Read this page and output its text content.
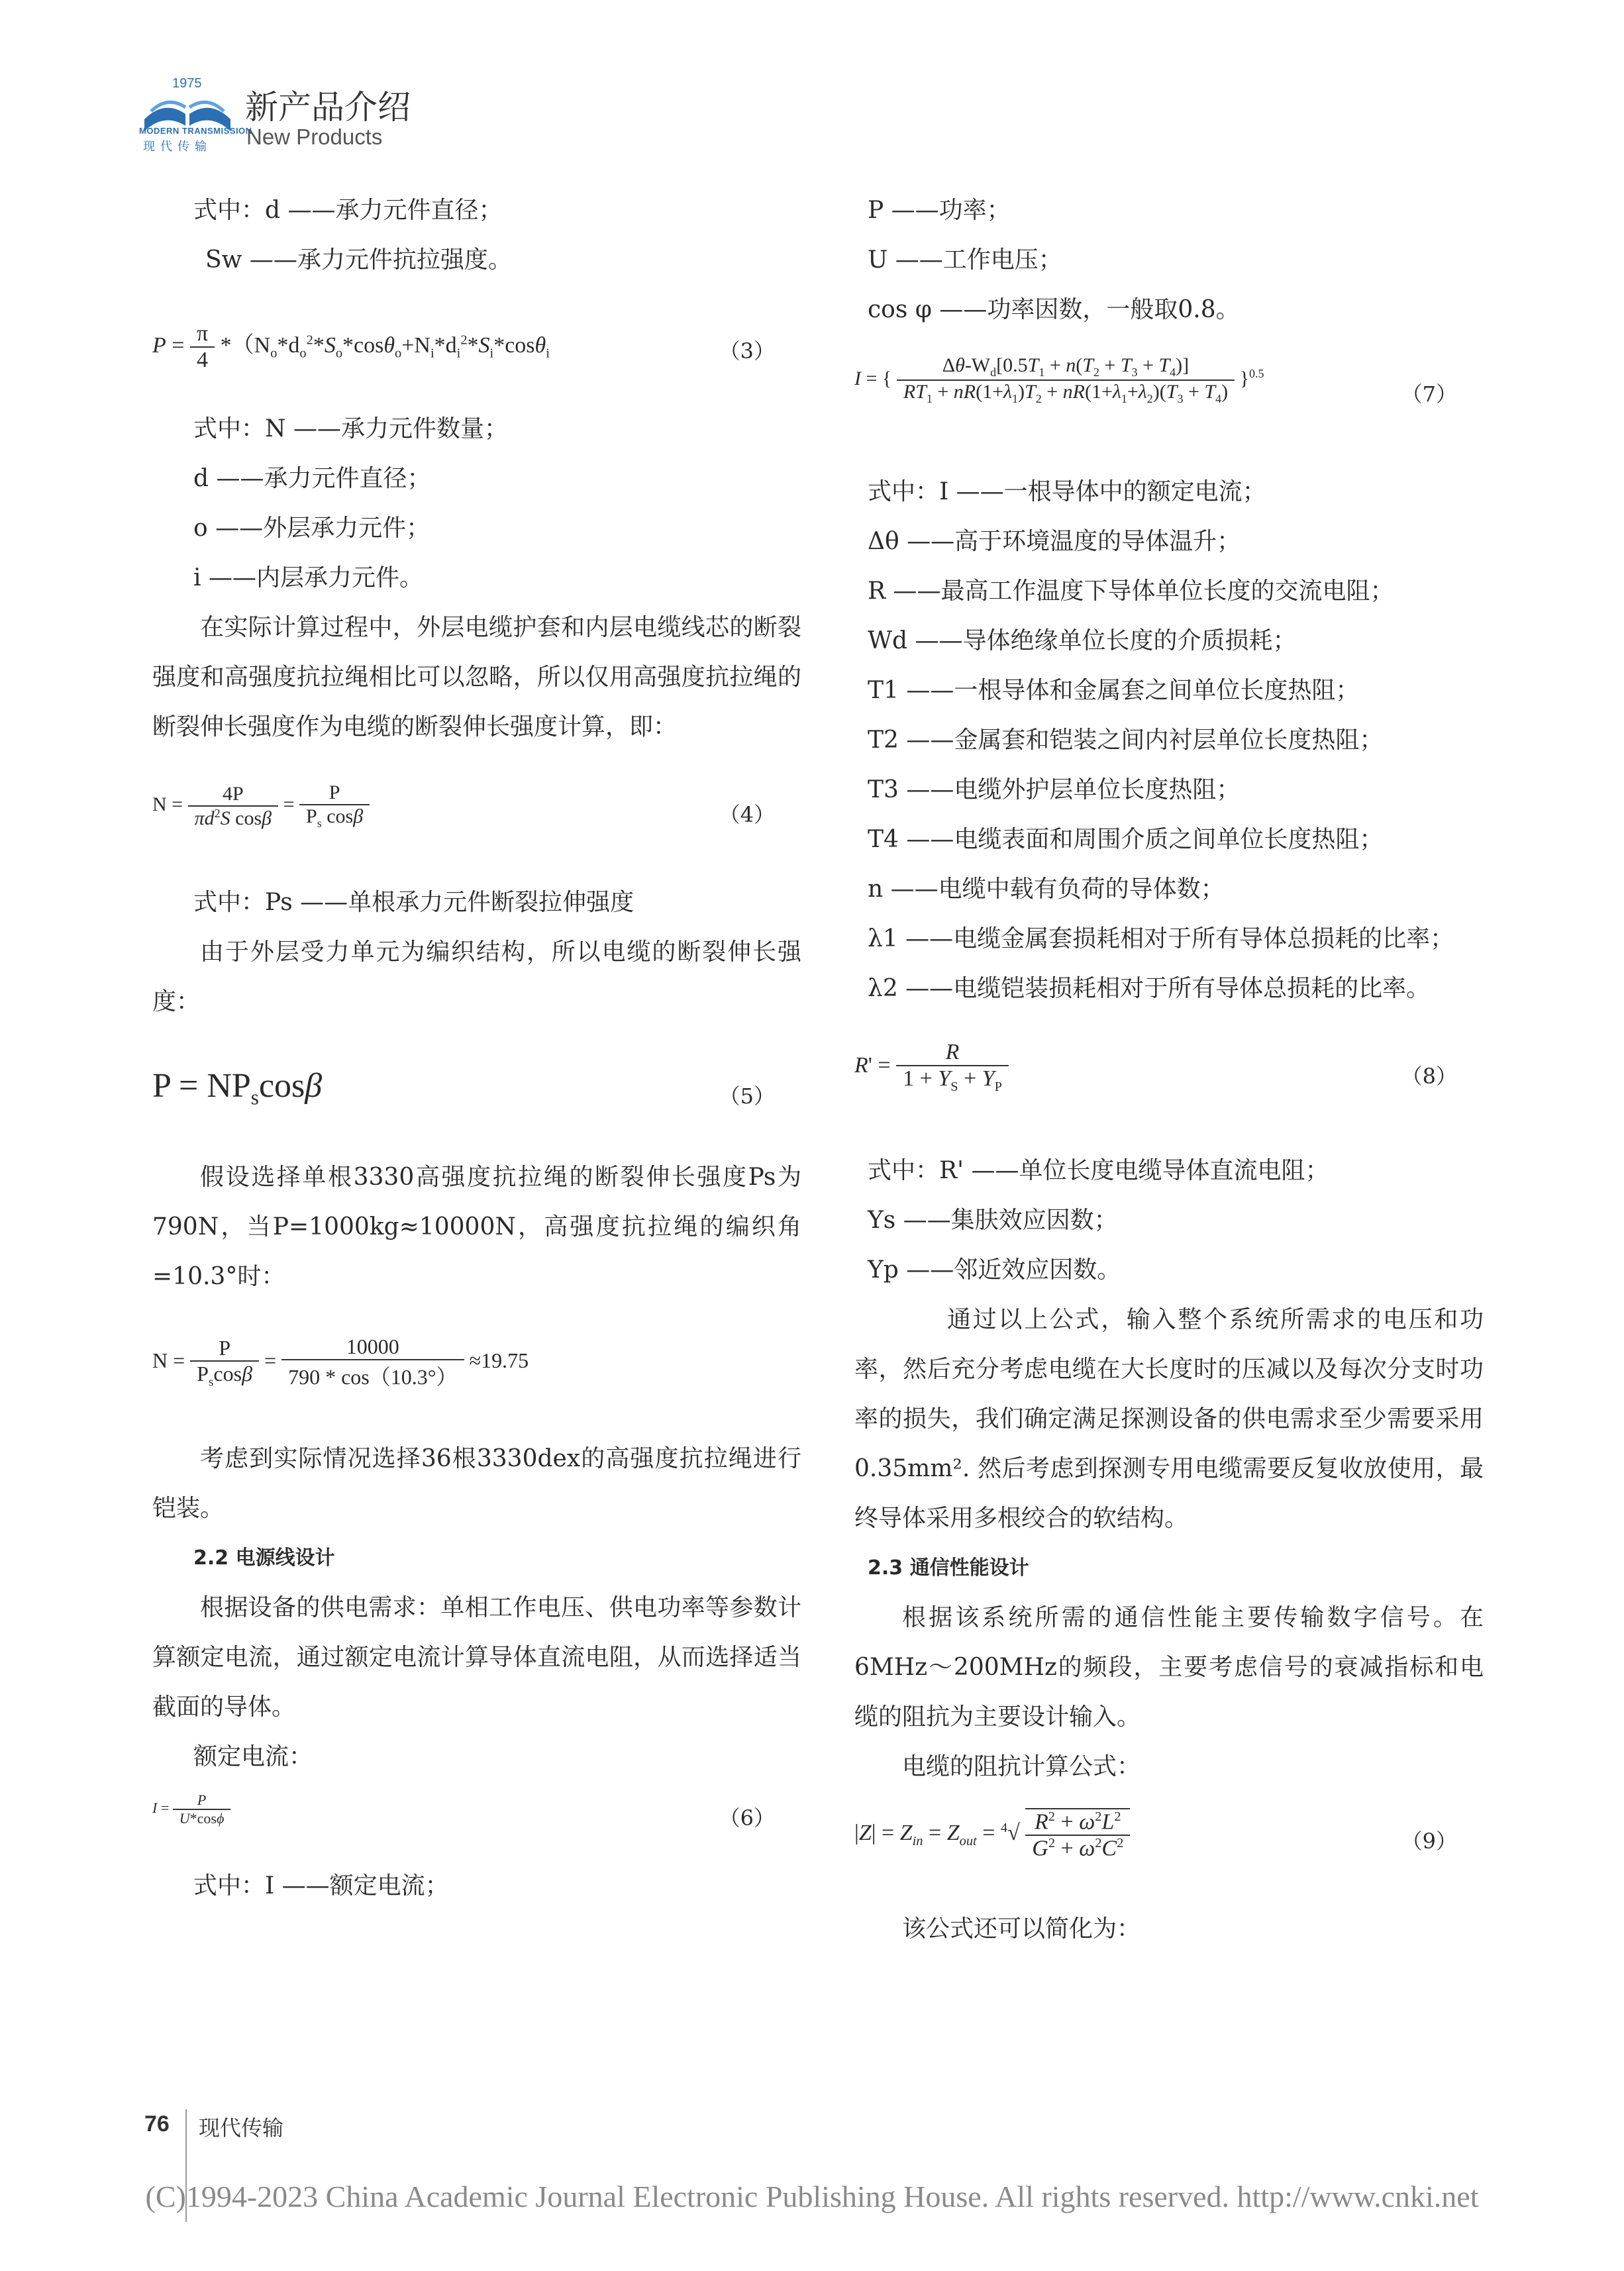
1975
MODERN TRANSMISSION
现代传输
新产品介绍
New Products

式中：d ——承力元件直径；

Sw ——承力元件抗拉强度。

$P = \frac{\pi}{4} *(N_o*d_o^2*S_o*\cos\theta_o+N_i*d_i^2*S_i*\cos\theta_i$	（3）

式中：N ——承力元件数量；

d ——承力元件直径；

o ——外层承力元件；

i ——内层承力元件。

在实际计算过程中，外层电缆护套和内层电缆线芯的断裂强度和高强度抗拉绳相比可以忽略，所以仅用高强度抗拉绳的断裂伸长强度作为电缆的断裂伸长强度计算，即：

$N = \frac{4P}{\pi d^2S \cos\beta} = \frac{P}{P_s \cos\beta}$	（4）

式中：Ps ——单根承力元件断裂拉伸强度

由于外层受力单元为编织结构，所以电缆的断裂伸长强度：

$P = NP_s\cos\beta$	（5）

假设选择单根3330高强度抗拉绳的断裂伸长强度Ps为790N，当P=1000kg≈10000N，高强度抗拉绳的编织角=10.3°时：

$N = \frac{P}{P_s\cos\beta} = \frac{10000}{790 * \cos(10.3^\circ)} \approx 19.75$

考虑到实际情况选择36根3330dex的高强度抗拉绳进行铠装。

2.2 电源线设计

根据设备的供电需求：单相工作电压、供电功率等参数计算额定电流，通过额定电流计算导体直流电阻，从而选择适当截面的导体。

额定电流：

$I = \frac{P}{U*\cos\phi}$	（6）

式中：I ——额定电流；

P ——功率；

U ——工作电压；

cos φ ——功率因数，一般取0.8。

I = { $\frac{\Delta\theta-W_d[0.5T_1 + n(T_2 + T_3 + T_4)]}{RT_1 + nR(1+\lambda_1)T_2 + nR(1+\lambda_1+\lambda_2)(T_3 + T_4)} \}^{0.5}$
（7）

式中：I ——一根导体中的额定电流；

Δθ ——高于环境温度的导体温升；

R ——最高工作温度下导体单位长度的交流电阻；

Wd ——导体绝缘单位长度的介质损耗；

T1 ——一根导体和金属套之间单位长度热阻；

T2 ——金属套和铠装之间内衬层单位长度热阻；

T3 ——电缆外护层单位长度热阻；

T4 ——电缆表面和周围介质之间单位长度热阻；

n ——电缆中载有负荷的导体数；

λ1 ——电缆金属套损耗相对于所有导体总损耗的比率；

λ2 ——电缆铠装损耗相对于所有导体总损耗的比率。

$R' = \frac{R}{1 + Y_S + Y_P}$	（8）

式中：R' ——单位长度电缆导体直流电阻；

Ys ——集肤效应因数；

Yp ——邻近效应因数。

通过以上公式，输入整个系统所需求的电压和功率，然后充分考虑电缆在大长度时的压减以及每次分支时功率的损失，我们确定满足探测设备的供电需求至少需要采用0.35mm². 然后考虑到探测专用电缆需要反复收放使用，最终导体采用多根绞合的软结构。

2.3 通信性能设计

根据该系统所需的通信性能主要传输数字信号。在6MHz～200MHz的频段，主要考虑信号的衰减指标和电缆的阻抗为主要设计输入。

电缆的阻抗计算公式：

$|Z| = Z_{in} = Z_{out} = ^4√ \frac{R^2 + \omega^2L^2}{G^2 + \omega^2C^2}$	（9）

该公式还可以简化为：

76 现代传输
(C)1994-2023 China Academic Journal Electronic Publishing House. All rights reserved. http://www.cnki.net
